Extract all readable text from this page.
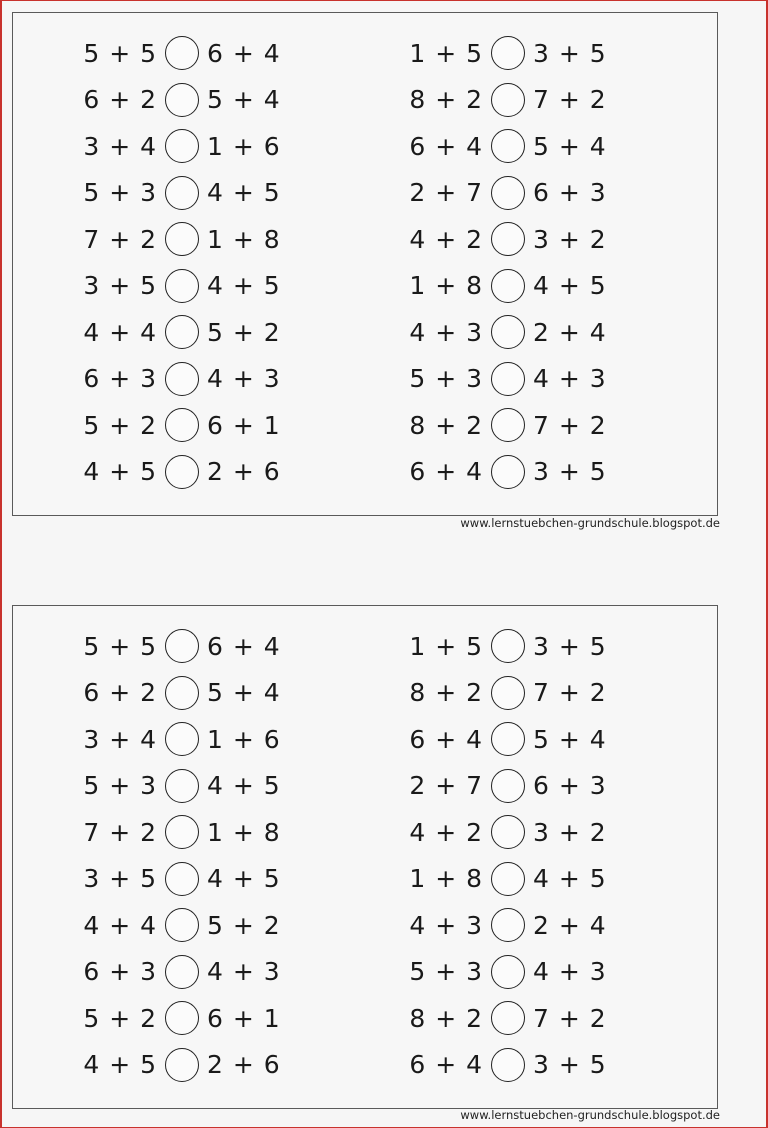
5 + 5	6 + 4
6 + 2	5 + 4
3 + 4	1 + 6
5 + 3	4 + 5
7 + 2	1 + 8
3 + 5	4 + 5
4 + 4	5 + 2
6 + 3	4 + 3
5 + 2	6 + 1
4 + 5	2 + 6
1 + 5	3 + 5
8 + 2	7 + 2
6 + 4	5 + 4
2 + 7	6 + 3
4 + 2	3 + 2
1 + 8	4 + 5
4 + 3	2 + 4
5 + 3	4 + 3
8 + 2	7 + 2
6 + 4	3 + 5
www.lernstuebchen-grundschule.blogspot.de
5 + 5	6 + 4
6 + 2	5 + 4
3 + 4	1 + 6
5 + 3	4 + 5
7 + 2	1 + 8
3 + 5	4 + 5
4 + 4	5 + 2
6 + 3	4 + 3
5 + 2	6 + 1
4 + 5	2 + 6
1 + 5	3 + 5
8 + 2	7 + 2
6 + 4	5 + 4
2 + 7	6 + 3
4 + 2	3 + 2
1 + 8	4 + 5
4 + 3	2 + 4
5 + 3	4 + 3
8 + 2	7 + 2
6 + 4	3 + 5
www.lernstuebchen-grundschule.blogspot.de
